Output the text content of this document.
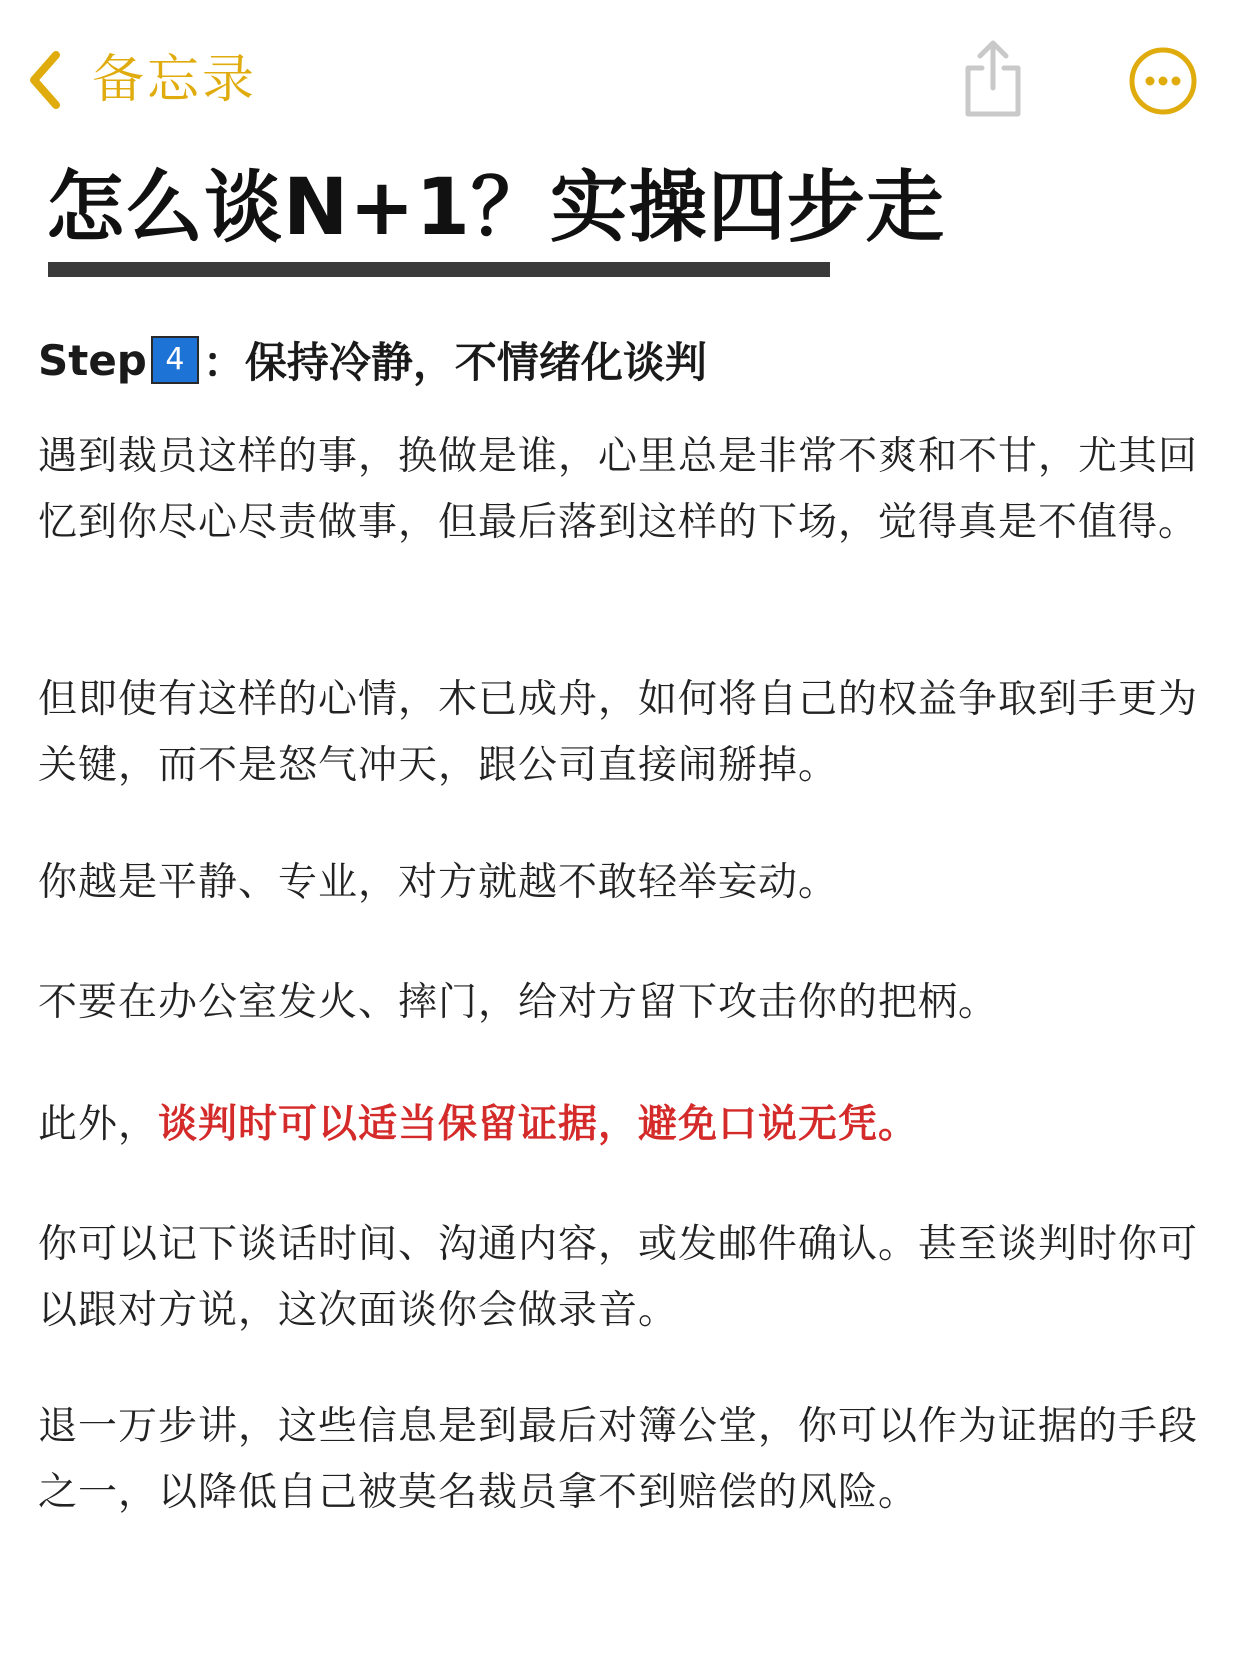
备忘录
怎么谈N+1？实操四步走
Step 4 ：保持冷静，不情绪化谈判
遇到裁员这样的事，换做是谁，心里总是非常不爽和不甘，尤其回忆到你尽心尽责做事，但最后落到这样的下场，觉得真是不值得。
但即使有这样的心情，木已成舟，如何将自己的权益争取到手更为关键，而不是怒气冲天，跟公司直接闹掰掉。
你越是平静、专业，对方就越不敢轻举妄动。
不要在办公室发火、摔门，给对方留下攻击你的把柄。
此外，谈判时可以适当保留证据，避免口说无凭。
你可以记下谈话时间、沟通内容，或发邮件确认。甚至谈判时你可以跟对方说，这次面谈你会做录音。
退一万步讲，这些信息是到最后对簿公堂，你可以作为证据的手段之一，以降低自己被莫名裁员拿不到赔偿的风险。
